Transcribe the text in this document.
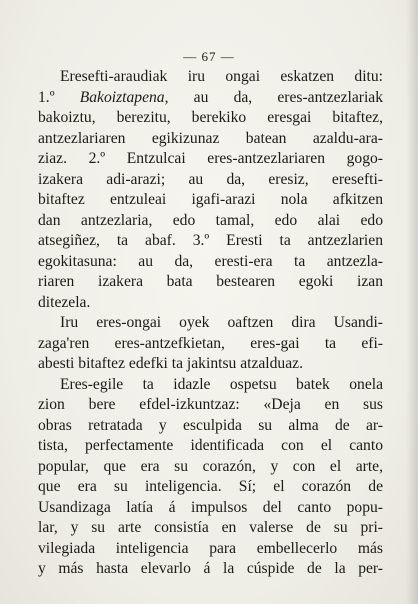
— 67 —
Eresefti-araudiak iru ongai eskatzen ditu:
1.º Bakoiztapena, au da, eres-antzezlariak
bakoiztu, berezitu, berekiko eresgai bitaftez,
antzezlariaren egikizunaz batean azaldu-ara-
ziaz. 2.º Entzulcai eres-antzezlariaren gogo-
izakera adi-arazi; au da, eresiz, eresefti-
bitaftez entzuleai igafi-arazi nola afkitzen
dan antzezlaria, edo tamal, edo alai edo
atsegiñez, ta abaf. 3.º Eresti ta antzezlarien
egokitasuna: au da, eresti-era ta antzezla-
riaren izakera bata bestearen egoki izan
ditezela.
Iru eres-ongai oyek oaftzen dira Usandi-
zaga'ren eres-antzefkietan, eres-gai ta efi-
abesti bitaftez edefki ta jakintsu atzalduaz.
Eres-egile ta idazle ospetsu batek onela
zion bere efdel-izkuntzaz: «Deja en sus
obras retratada y esculpida su alma de ar-
tista, perfectamente identificada con el canto
popular, que era su corazón, y con el arte,
que era su inteligencia. Sí; el corazón de
Usandizaga latía á impulsos del canto popu-
lar, y su arte consistía en valerse de su pri-
vilegiada inteligencia para embellecerlo más
y más hasta elevarlo á la cúspide de la per-
